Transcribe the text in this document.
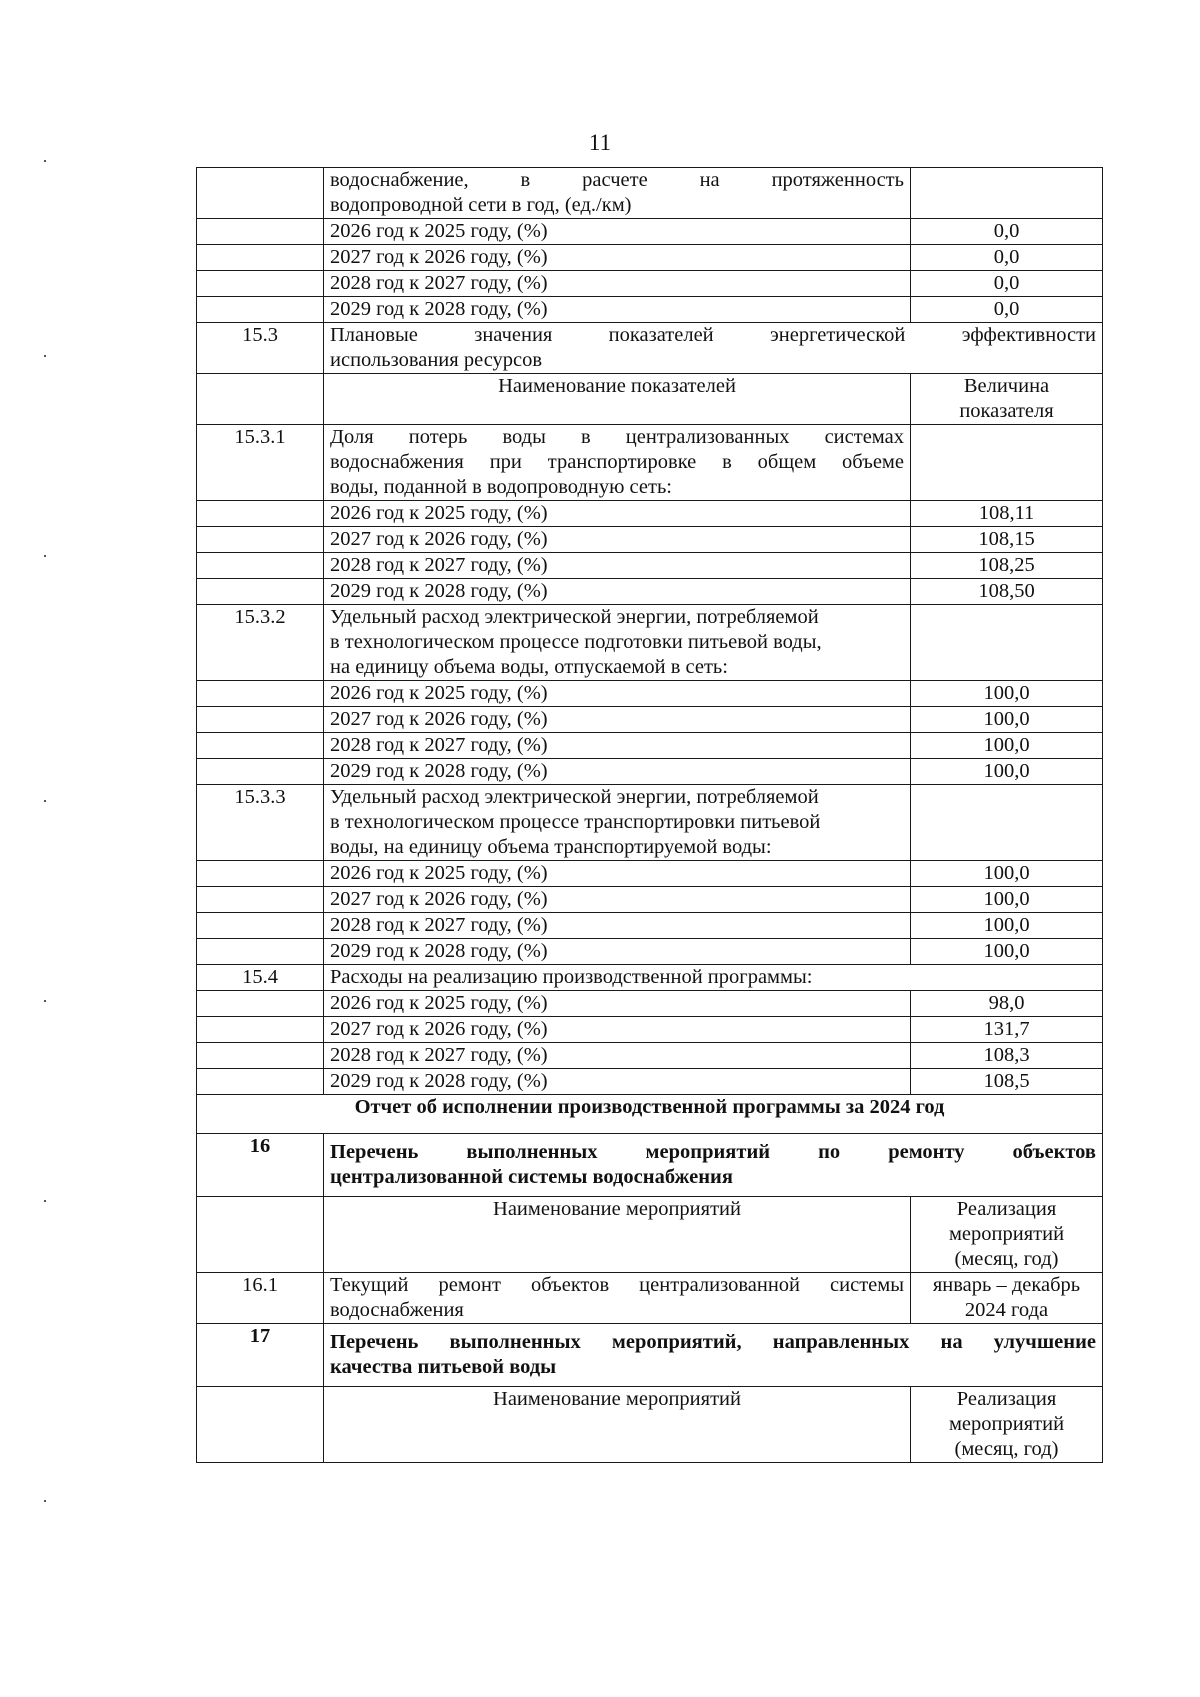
11

	водоснабжение, в расчете на протяженность
водопроводной сети в год, (ед./км)	

	2026 год к 2025 году, (%)	0,0
	2027 год к 2026 году, (%)	0,0
	2028 год к 2027 году, (%)	0,0
	2029 год к 2028 году, (%)	0,0
15.3	Плановые значения показателей энергетической эффективности
использования ресурсов	

	Наименование показателей	Величина показателя
15.3.1	Доля потерь воды в централизованных системах
водоснабжения при транспортировке в общем объеме
воды, поданной в водопроводную сеть:	

	2026 год к 2025 году, (%)	108,11
	2027 год к 2026 году, (%)	108,15
	2028 год к 2027 году, (%)	108,25
	2029 год к 2028 году, (%)	108,50
15.3.2	Удельный расход электрической энергии, потребляемой
в технологическом процессе подготовки питьевой воды,
на единицу объема воды, отпускаемой в сеть:	

	2026 год к 2025 году, (%)	100,0
	2027 год к 2026 году, (%)	100,0
	2028 год к 2027 году, (%)	100,0
	2029 год к 2028 году, (%)	100,0
15.3.3	Удельный расход электрической энергии, потребляемой
в технологическом процессе транспортировки питьевой
воды, на единицу объема транспортируемой воды:	

	2026 год к 2025 году, (%)	100,0
	2027 год к 2026 году, (%)	100,0
	2028 год к 2027 году, (%)	100,0
	2029 год к 2028 году, (%)	100,0
15.4	Расходы на реализацию производственной программы:	
	2026 год к 2025 году, (%)	98,0
	2027 год к 2026 году, (%)	131,7
	2028 год к 2027 году, (%)	108,3
	2029 год к 2028 году, (%)	108,5
Отчет об исполнении производственной программы за 2024 год		
16	Перечень выполненных мероприятий по ремонту объектов
централизованной системы водоснабжения	

	Наименование мероприятий	Реализация
мероприятий
(месяц, год)

16.1	Текущий ремонт объектов централизованной системы
водоснабжения	январь – декабрь
2024 года

17	Перечень выполненных мероприятий, направленных на улучшение
качества питьевой воды	

	Наименование мероприятий	Реализация
мероприятий
(месяц, год)
